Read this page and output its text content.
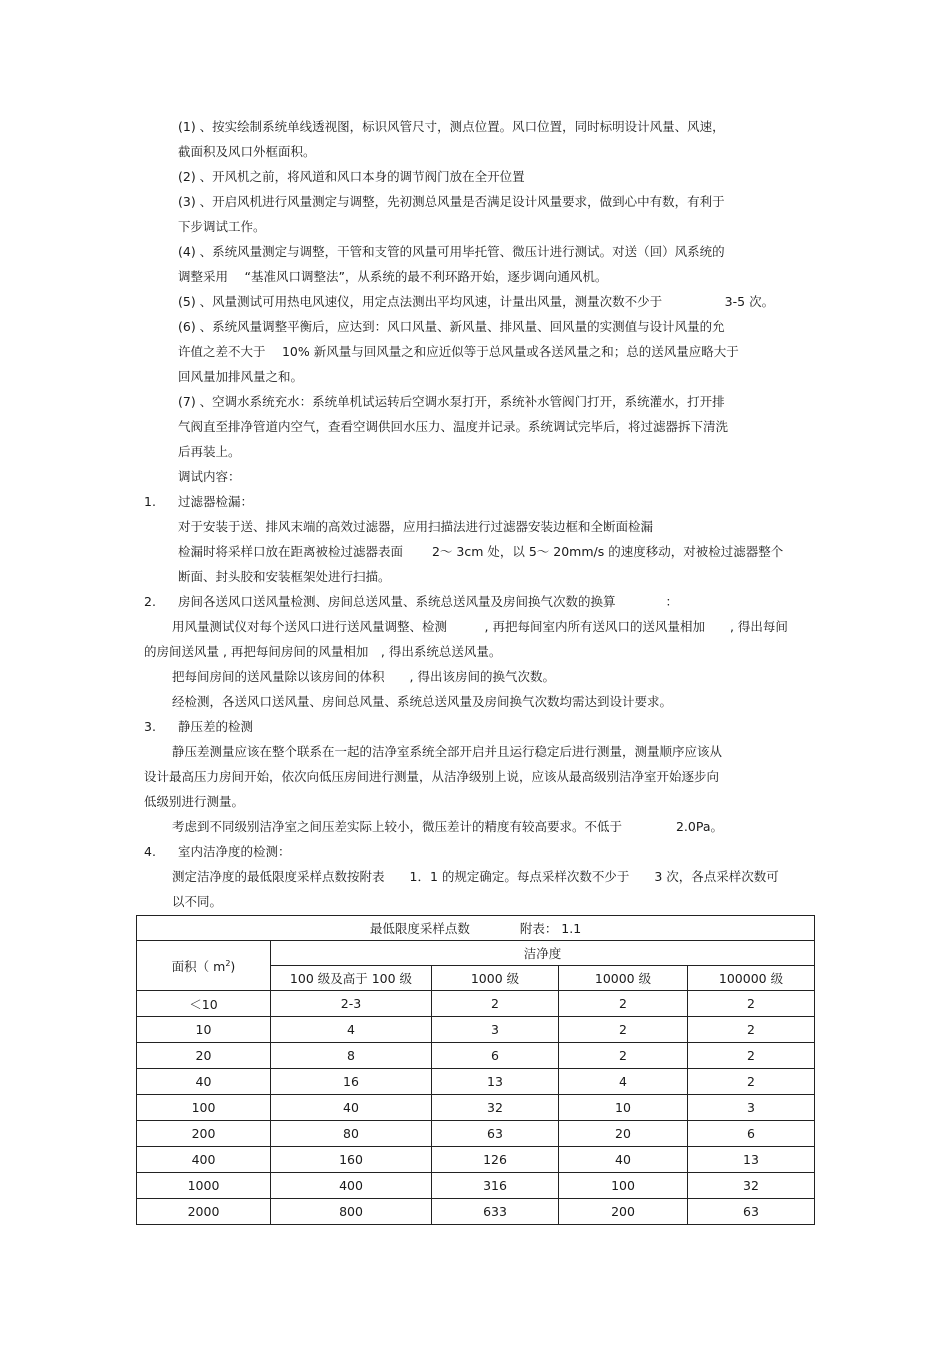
(1) 、按实绘制系统单线透视图，标识风管尺寸，测点位置。风口位置，同时标明设计风量、风速，
截面积及风口外框面积。
(2) 、开风机之前，将风道和风口本身的调节阀门放在全开位置
(3) 、开启风机进行风量测定与调整，先初测总风量是否满足设计风量要求，做到心中有数，有利于
下步调试工作。
(4) 、系统风量测定与调整，干管和支管的风量可用毕托管、微压计进行测试。对送（回）风系统的
调整采用　 “基准风口调整法”，从系统的最不利环路开始，逐步调向通风机。
(5) 、风量测试可用热电风速仪，用定点法测出平均风速，计量出风量，测量次数不少于　　　　　3-5 次。
(6) 、系统风量调整平衡后，应达到：风口风量、新风量、排风量、回风量的实测值与设计风量的允
许值之差不大于　 10% 新风量与回风量之和应近似等于总风量或各送风量之和；总的送风量应略大于
回风量加排风量之和。
(7) 、空调水系统充水：系统单机试运转后空调水泵打开，系统补水管阀门打开，系统灌水，打开排
气阀直至排净管道内空气，查看空调供回水压力、温度并记录。系统调试完毕后，将过滤器拆下清洗
后再装上。
调试内容：
1. 过滤器检漏：
对于安装于送、排风末端的高效过滤器，应用扫描法进行过滤器安装边框和全断面检漏
检漏时将采样口放在距离被检过滤器表面　　 2～ 3cm 处，以 5～ 20mm/s 的速度移动，对被检过滤器整个
断面、封头胶和安装框架处进行扫描。
2. 房间各送风口送风量检测、房间总送风量、系统总送风量及房间换气次数的换算　　　　：
用风量测试仪对每个送风口进行送风量调整、检测　　　, 再把每间室内所有送风口的送风量相加　　, 得出每间
的房间送风量 , 再把每间房间的风量相加　, 得出系统总送风量。
把每间房间的送风量除以该房间的体积　　, 得出该房间的换气次数。
经检测，各送风口送风量、房间总风量、系统总送风量及房间换气次数均需达到设计要求。
3. 静压差的检测
静压差测量应该在整个联系在一起的洁净室系统全部开启并且运行稳定后进行测量，测量顺序应该从
设计最高压力房间开始，依次向低压房间进行测量，从洁净级别上说，应该从最高级别洁净室开始逐步向
低级别进行测量。
考虑到不同级别洁净室之间压差实际上较小，微压差计的精度有较高要求。不低于　　　　 2.0Pa。
4. 室内洁净度的检测：
测定洁净度的最低限度采样点数按附表　　1．1 的规定确定。每点采样次数不少于　　3 次，各点采样次数可
以不同。
最低限度采样点数　　　　附表： 1.1				
面积（ $m^2$)	洁净度			
	100 级及高于 100 级	1000 级	10000 级	100000 级
＜10	2-3	2	2	2
10	4	3	2	2
20	8	6	2	2
40	16	13	4	2
100	40	32	10	3
200	80	63	20	6
400	160	126	40	13
1000	400	316	100	32
2000	800	633	200	63
